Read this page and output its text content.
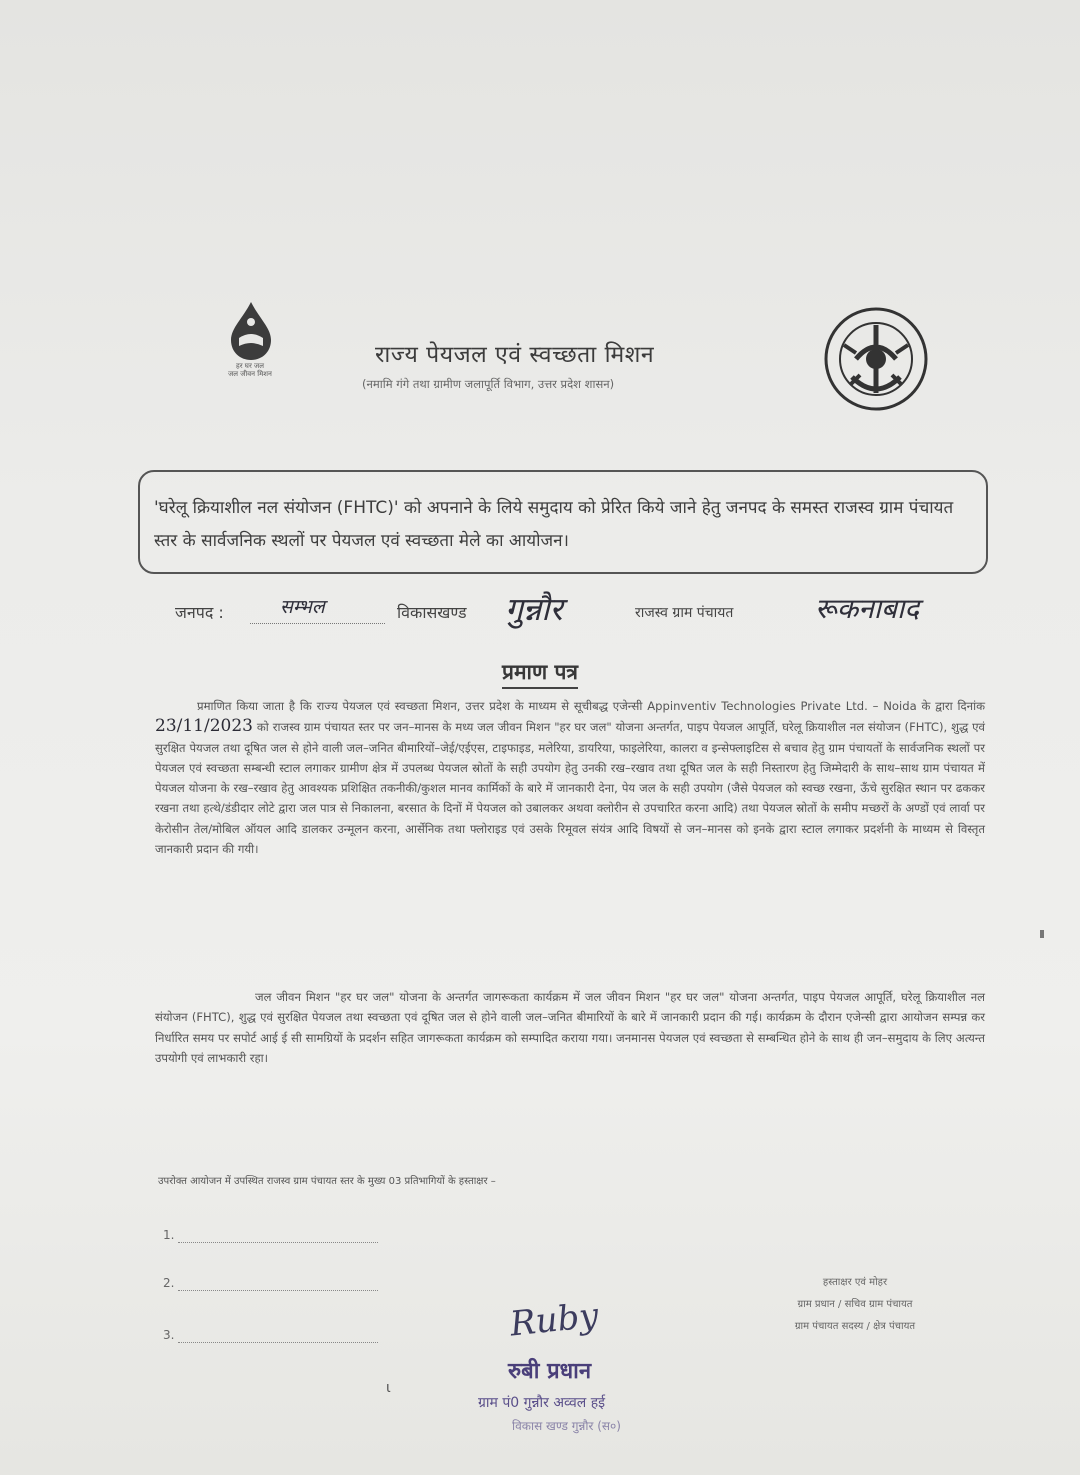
हर घर जल
जल जीवन मिशन
राज्य पेयजल एवं स्वच्छता मिशन
(नमामि गंगे तथा ग्रामीण जलापूर्ति विभाग, उत्तर प्रदेश शासन)
'घरेलू क्रियाशील नल संयोजन (FHTC)' को अपनाने के लिये समुदाय को प्रेरित किये जाने हेतु जनपद के समस्त राजस्व ग्राम पंचायत स्तर के सार्वजनिक स्थलों पर पेयजल एवं स्वच्छता मेले का आयोजन।
जनपद :	सम्भल	विकासखण्ड गुन्नौर	राजस्व ग्राम पंचायत	रूकनाबाद
प्रमाण पत्र
प्रमाणित किया जाता है कि राज्य पेयजल एवं स्वच्छता मिशन, उत्तर प्रदेश के माध्यम से सूचीबद्ध एजेन्सी Appinventiv Technologies Private Ltd. – Noida के द्वारा दिनांक 23/11/2023 को राजस्व ग्राम पंचायत स्तर पर जन–मानस के मध्य जल जीवन मिशन "हर घर जल" योजना अन्तर्गत, पाइप पेयजल आपूर्ति, घरेलू क्रियाशील नल संयोजन (FHTC), शुद्ध एवं सुरक्षित पेयजल तथा दूषित जल से होने वाली जल–जनित बीमारियों–जेई/एईएस, टाइफाइड, मलेरिया, डायरिया, फाइलेरिया, कालरा व इन्सेफ्लाइटिस से बचाव हेतु ग्राम पंचायतों के सार्वजनिक स्थलों पर पेयजल एवं स्वच्छता सम्बन्धी स्टाल लगाकर ग्रामीण क्षेत्र में उपलब्ध पेयजल स्रोतों के सही उपयोग हेतु उनकी रख–रखाव तथा दूषित जल के सही निस्तारण हेतु जिम्मेदारी के साथ–साथ ग्राम पंचायत में पेयजल योजना के रख–रखाव हेतु आवश्यक प्रशिक्षित तकनीकी/कुशल मानव कार्मिकों के बारे में जानकारी देना, पेय जल के सही उपयोग (जैसे पेयजल को स्वच्छ रखना, ऊँचे सुरक्षित स्थान पर ढककर रखना तथा हत्थे/डंडीदार लोटे द्वारा जल पात्र से निकालना, बरसात के दिनों में पेयजल को उबालकर अथवा क्लोरीन से उपचारित करना आदि) तथा पेयजल स्रोतों के समीप मच्छरों के अण्डों एवं लार्वा पर केरोसीन तेल/मोबिल ऑयल आदि डालकर उन्मूलन करना, आर्सेनिक तथा फ्लोराइड एवं उसके रिमूवल संयंत्र आदि विषयों से जन–मानस को इनके द्वारा स्टाल लगाकर प्रदर्शनी के माध्यम से विस्तृत जानकारी प्रदान की गयी।
जल जीवन मिशन "हर घर जल" योजना के अन्तर्गत जागरूकता कार्यक्रम में जल जीवन मिशन "हर घर जल" योजना अन्तर्गत, पाइप पेयजल आपूर्ति, घरेलू क्रियाशील नल संयोजन (FHTC), शुद्ध एवं सुरक्षित पेयजल तथा स्वच्छता एवं दूषित जल से होने वाली जल–जनित बीमारियों के बारे में जानकारी प्रदान की गई। कार्यक्रम के दौरान एजेन्सी द्वारा आयोजन सम्पन्न कर निर्धारित समय पर सपोर्ट आई ई सी सामग्रियों के प्रदर्शन सहित जागरूकता कार्यक्रम को सम्पादित कराया गया। जनमानस पेयजल एवं स्वच्छता से सम्बन्धित होने के साथ ही जन–समुदाय के लिए अत्यन्त उपयोगी एवं लाभकारी रहा।
उपरोक्त आयोजन में उपस्थित राजस्व ग्राम पंचायत स्तर के मुख्य 03 प्रतिभागियों के हस्ताक्षर –
1.
2.
3.
हस्ताक्षर एवं मोहर
ग्राम प्रधान / सचिव ग्राम पंचायत
ग्राम पंचायत सदस्य / क्षेत्र पंचायत
Ruby
रुबी प्रधान
ग्राम पं0 गुन्नौर अव्वल हई
विकास खण्ड गुन्नौर (स०)
ɩ
